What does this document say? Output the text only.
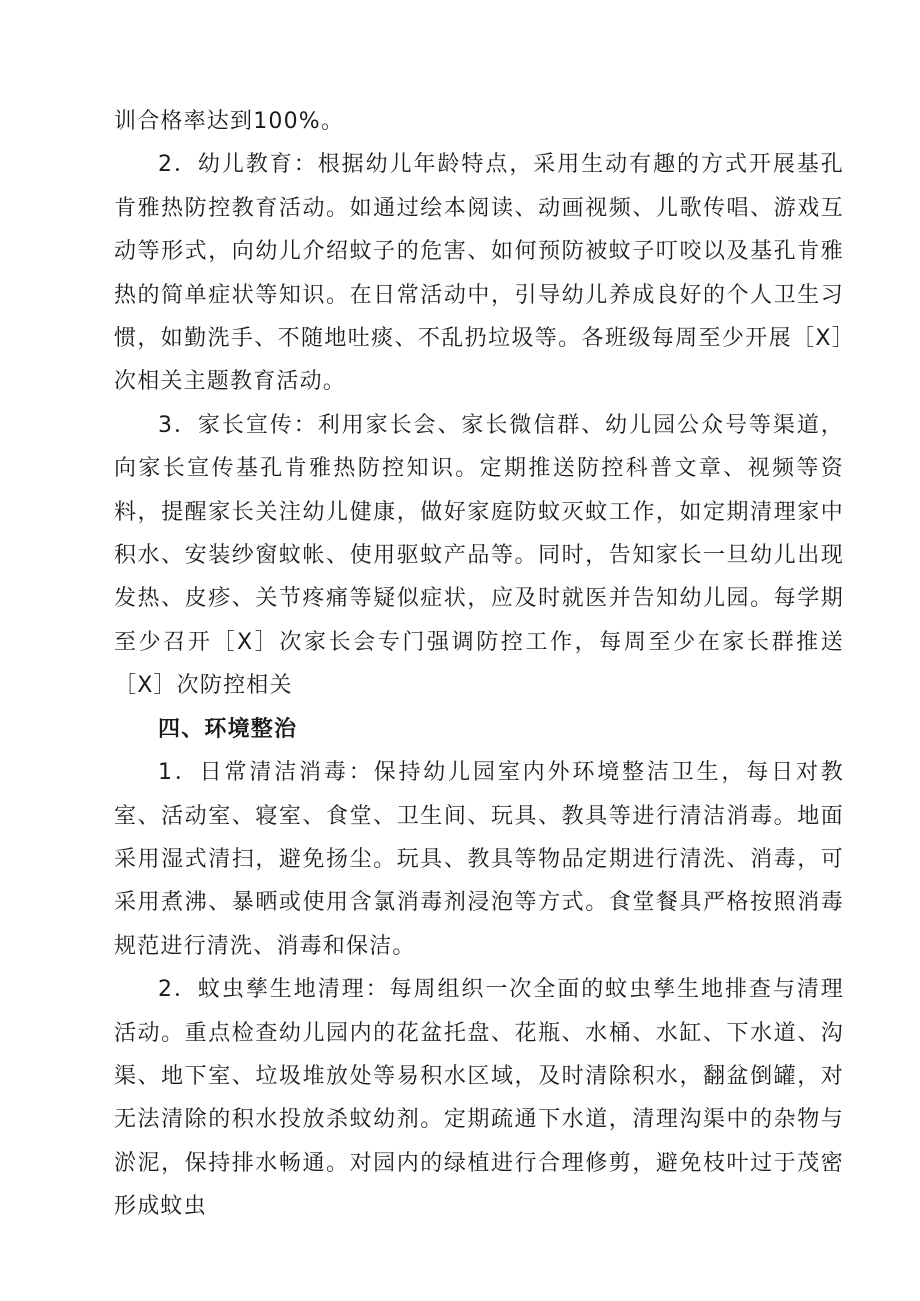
训合格率达到100%。

2．幼儿教育：根据幼儿年龄特点，采用生动有趣的方式开展基孔肯雅热防控教育活动。如通过绘本阅读、动画视频、儿歌传唱、游戏互动等形式，向幼儿介绍蚊子的危害、如何预防被蚊子叮咬以及基孔肯雅热的简单症状等知识。在日常活动中，引导幼儿养成良好的个人卫生习惯，如勤洗手、不随地吐痰、不乱扔垃圾等。各班级每周至少开展［X］次相关主题教育活动。

3．家长宣传：利用家长会、家长微信群、幼儿园公众号等渠道，向家长宣传基孔肯雅热防控知识。定期推送防控科普文章、视频等资料，提醒家长关注幼儿健康，做好家庭防蚊灭蚊工作，如定期清理家中积水、安装纱窗蚊帐、使用驱蚊产品等。同时，告知家长一旦幼儿出现发热、皮疹、关节疼痛等疑似症状，应及时就医并告知幼儿园。每学期至少召开［X］次家长会专门强调防控工作，每周至少在家长群推送［X］次防控相关

四、环境整治

1．日常清洁消毒：保持幼儿园室内外环境整洁卫生，每日对教室、活动室、寝室、食堂、卫生间、玩具、教具等进行清洁消毒。地面采用湿式清扫，避免扬尘。玩具、教具等物品定期进行清洗、消毒，可采用煮沸、暴晒或使用含氯消毒剂浸泡等方式。食堂餐具严格按照消毒规范进行清洗、消毒和保洁。

2．蚊虫孳生地清理：每周组织一次全面的蚊虫孳生地排查与清理活动。重点检查幼儿园内的花盆托盘、花瓶、水桶、水缸、下水道、沟渠、地下室、垃圾堆放处等易积水区域，及时清除积水，翻盆倒罐，对无法清除的积水投放杀蚊幼剂。定期疏通下水道，清理沟渠中的杂物与淤泥，保持排水畅通。对园内的绿植进行合理修剪，避免枝叶过于茂密形成蚊虫
